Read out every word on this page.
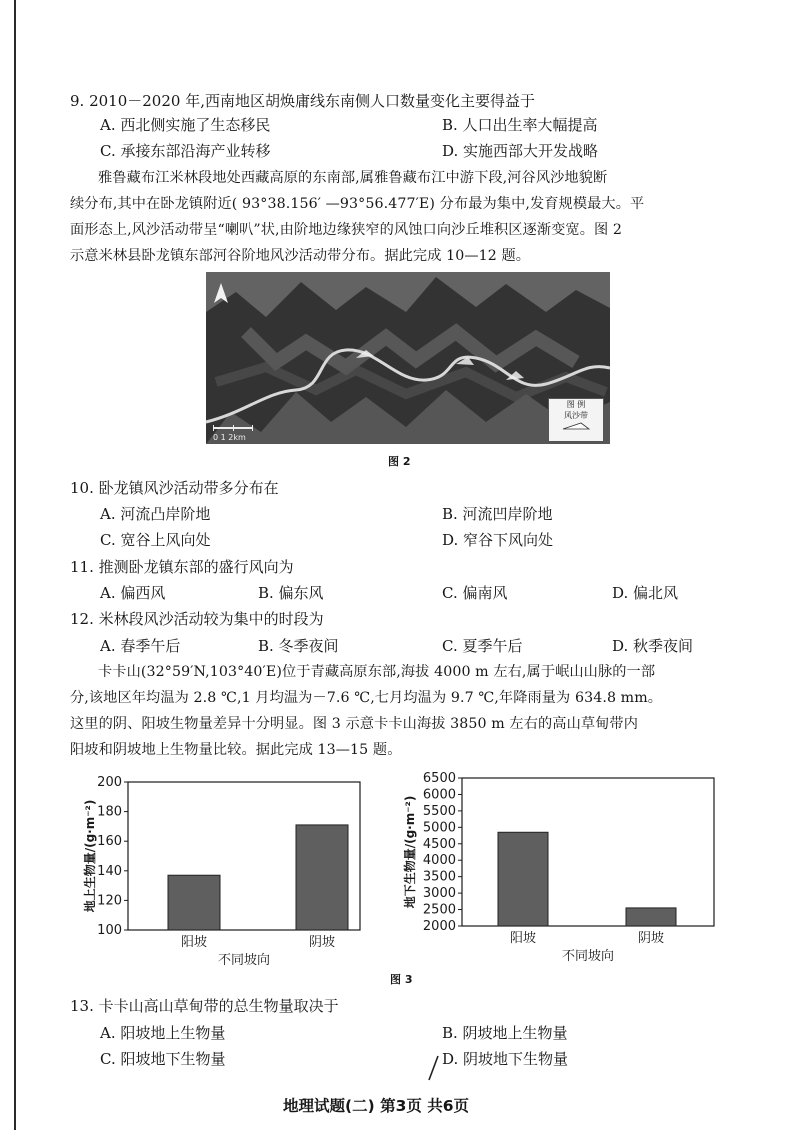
9. 2010－2020 年,西南地区胡焕庸线东南侧人口数量变化主要得益于
A. 西北侧实施了生态移民	B. 人口出生率大幅提高
C. 承接东部沿海产业转移	D. 实施西部大开发战略
雅鲁藏布江米林段地处西藏高原的东南部,属雅鲁藏布江中游下段,河谷风沙地貌断
续分布,其中在卧龙镇附近( 93°38.156′ —93°56.477′E) 分布最为集中,发育规模最大。平
面形态上,风沙活动带呈“喇叭”状,由阶地边缘狭窄的风蚀口向沙丘堆积区逐渐变宽。图 2
示意米林县卧龙镇东部河谷阶地风沙活动带分布。据此完成 10—12 题。
0 1 2km
图 例
风沙带
图 2
10. 卧龙镇风沙活动带多分布在
A. 河流凸岸阶地	B. 河流凹岸阶地
C. 宽谷上风向处	D. 窄谷下风向处
11. 推测卧龙镇东部的盛行风向为
A. 偏西风	B. 偏东风	C. 偏南风	D. 偏北风
12. 米林段风沙活动较为集中的时段为
A. 春季午后	B. 冬季夜间	C. 夏季午后	D. 秋季夜间
卡卡山(32°59′N,103°40′E)位于青藏高原东部,海拔 4000 m 左右,属于岷山山脉的一部
分,该地区年均温为 2.8 ℃,1 月均温为－7.6 ℃,七月均温为 9.7 ℃,年降雨量为 634.8 mm。
这里的阴、阳坡生物量差异十分明显。图 3 示意卡卡山海拔 3850 m 左右的高山草甸带内
阳坡和阴坡地上生物量比较。据此完成 13—15 题。
100
120
140
160
180
200
阳坡	阴坡
不同坡向
地上生物量/(g·m⁻²)
2000
2500
3000
3500
4000
4500
5000
5500
6000
6500
阳坡	阴坡
不同坡向
地下生物量/(g·m⁻²)
图 3
13. 卡卡山高山草甸带的总生物量取决于
A. 阳坡地上生物量	B. 阴坡地上生物量
C. 阳坡地下生物量	D. 阴坡地下生物量
地理试题(二) 第3页 共6页
